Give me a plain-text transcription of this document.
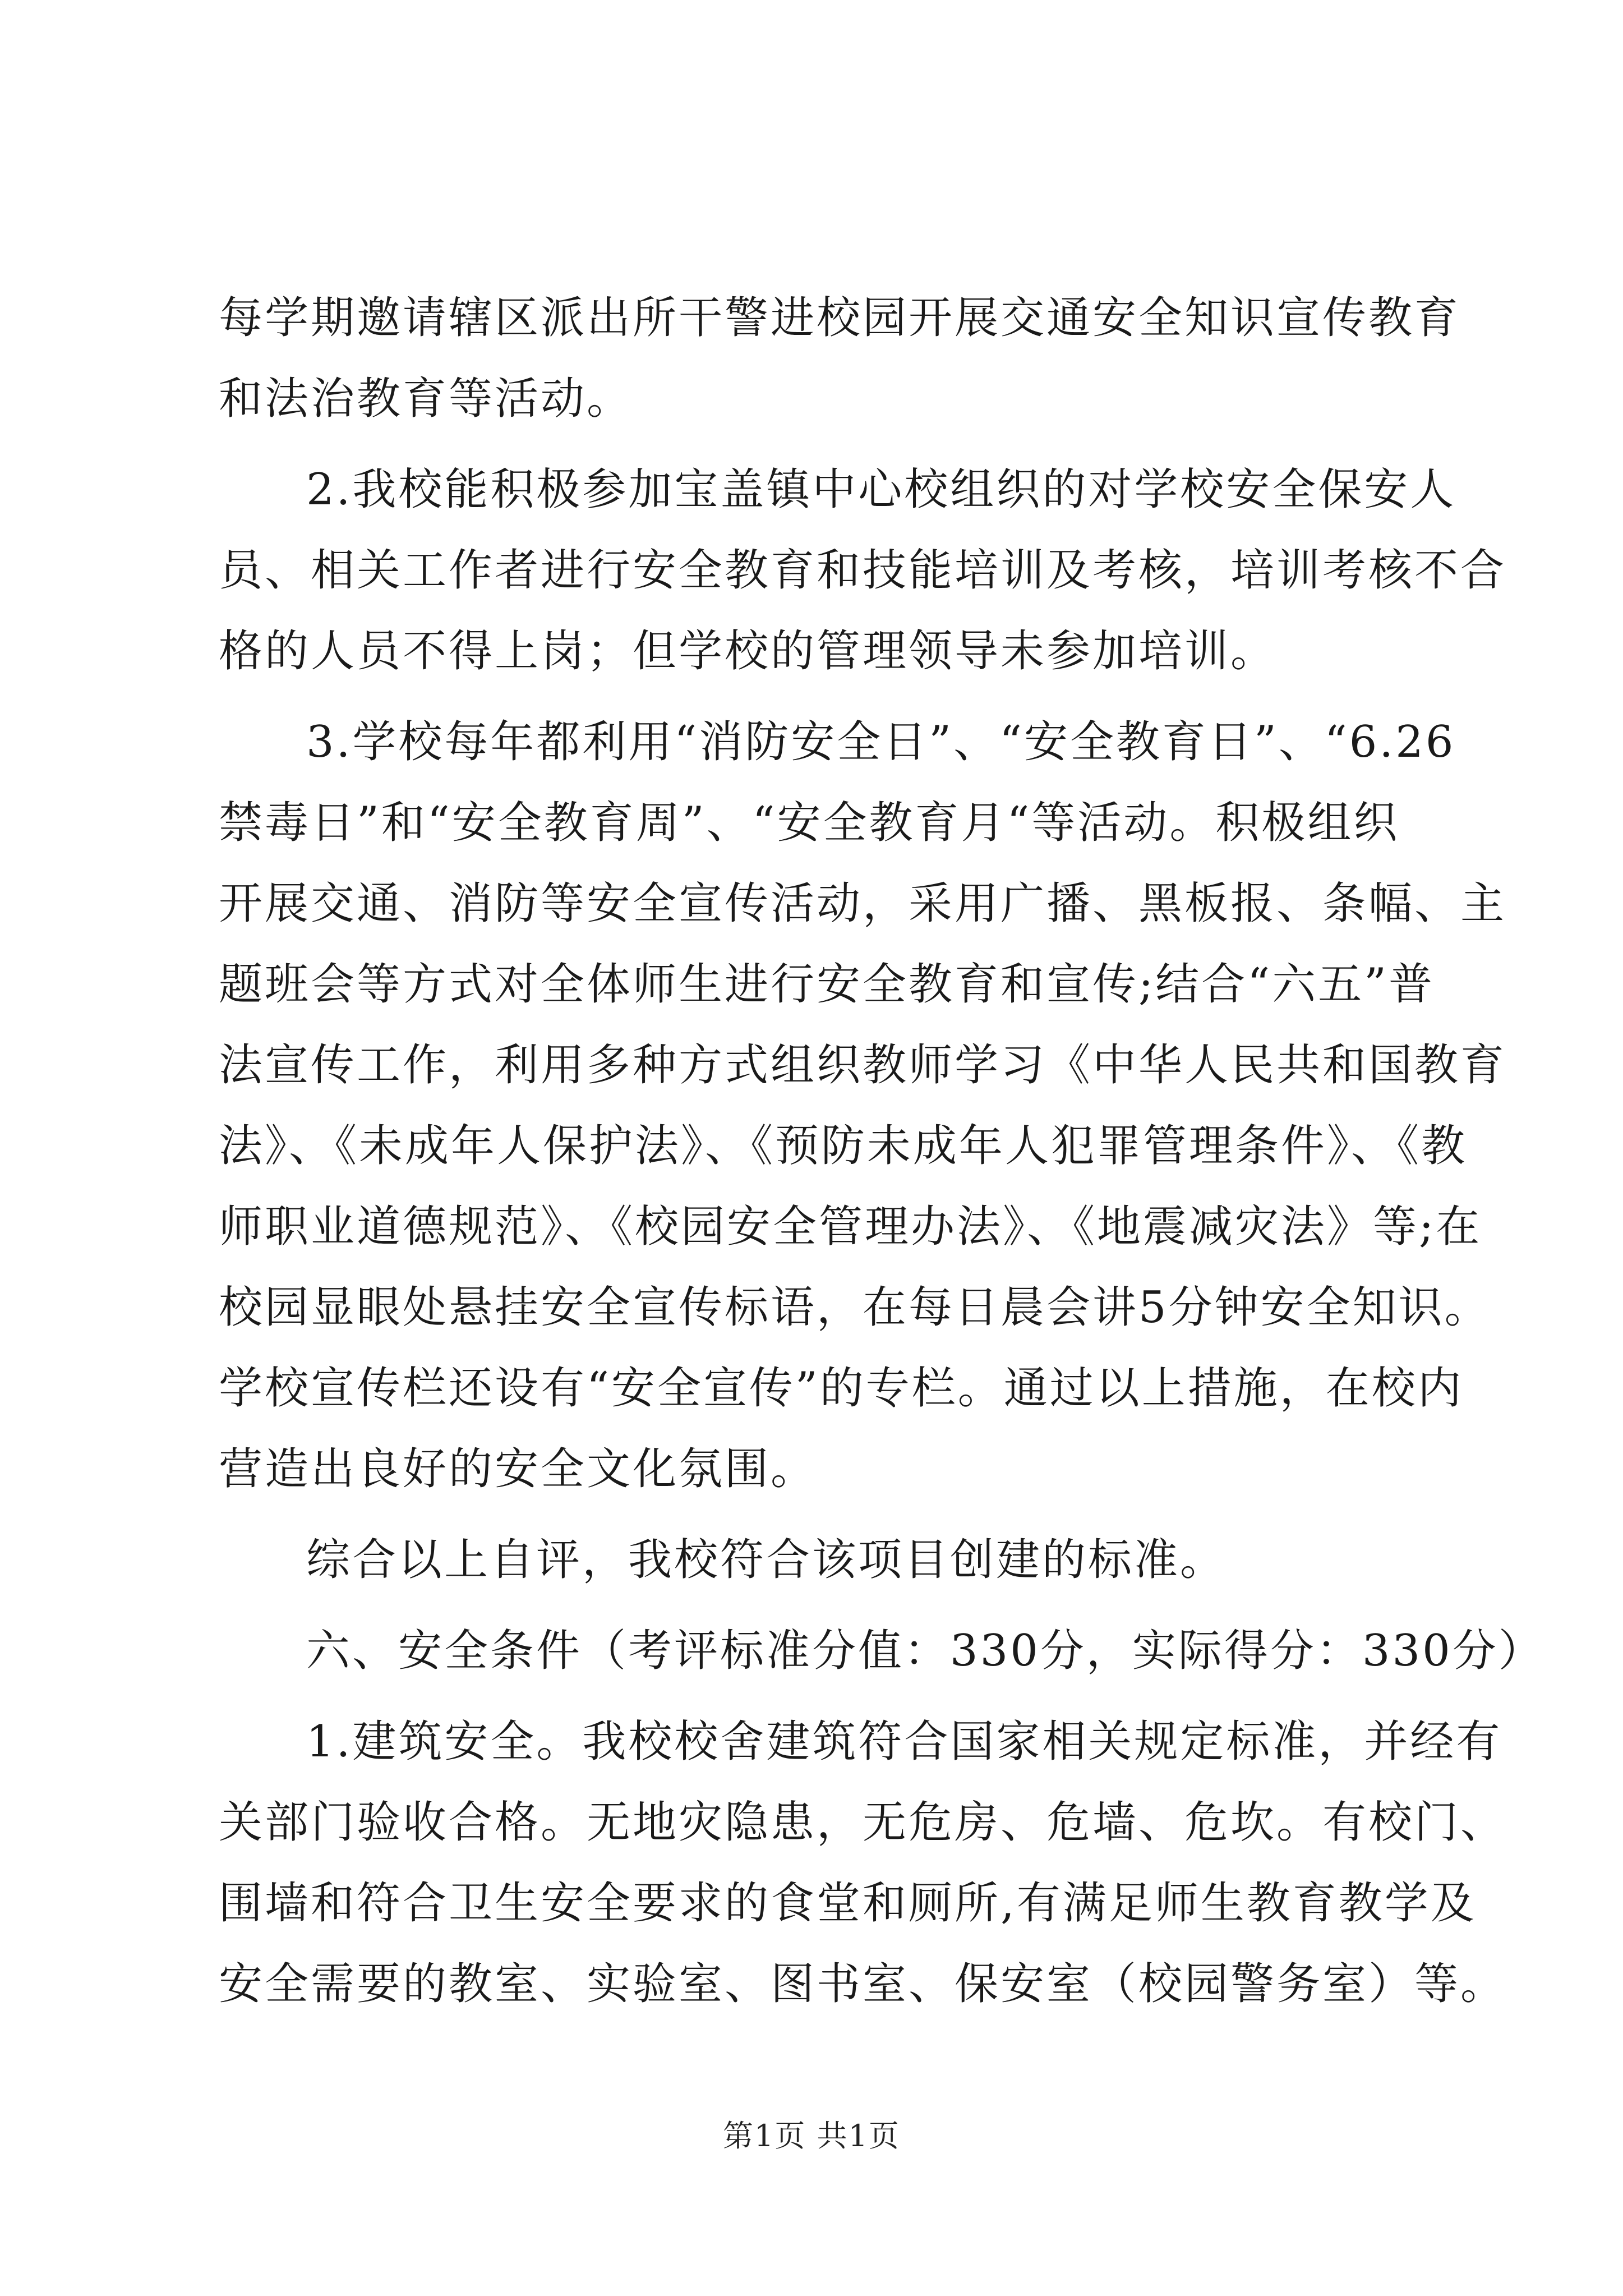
每学期邀请辖区派出所干警进校园开展交通安全知识宣传教育
和法治教育等活动。
2.我校能积极参加宝盖镇中心校组织的对学校安全保安人
员、相关工作者进行安全教育和技能培训及考核，培训考核不合
格的人员不得上岗；但学校的管理领导未参加培训。
3.学校每年都利用“消防安全日”、“安全教育日”、“6.26
禁毒日”和“安全教育周”、“安全教育月“等活动。积极组织
开展交通、消防等安全宣传活动，采用广播、黑板报、条幅、主
题班会等方式对全体师生进行安全教育和宣传;结合“六五”普
法宣传工作，利用多种方式组织教师学习《中华人民共和国教育
法》、《未成年人保护法》、《预防未成年人犯罪管理条件》、《教
师职业道德规范》、《校园安全管理办法》、《地震减灾法》等;在
校园显眼处悬挂安全宣传标语，在每日晨会讲5分钟安全知识。
学校宣传栏还设有“安全宣传”的专栏。通过以上措施，在校内
营造出良好的安全文化氛围。
综合以上自评，我校符合该项目创建的标准。
六、安全条件（考评标准分值：330分，实际得分：330分）
1.建筑安全。我校校舍建筑符合国家相关规定标准，并经有
关部门验收合格。无地灾隐患，无危房、危墙、危坎。有校门、
围墙和符合卫生安全要求的食堂和厕所,有满足师生教育教学及
安全需要的教室、实验室、图书室、保安室（校园警务室）等。
第1页 共1页
